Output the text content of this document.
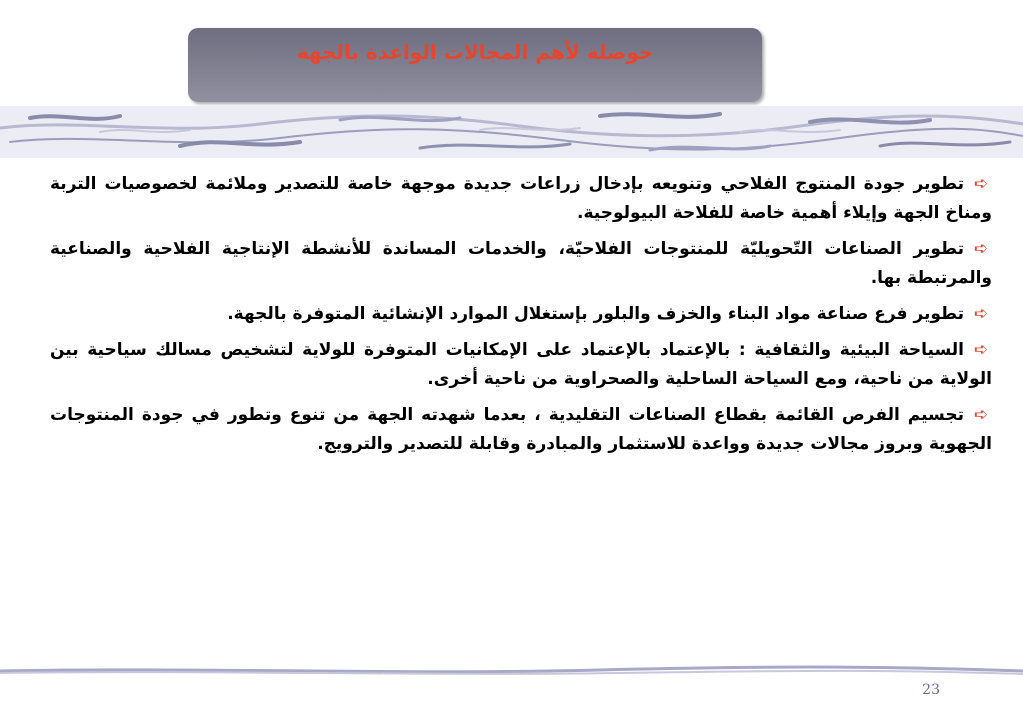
حوصلة لأهم المجالات الواعدة بالجهة

➪تطوير جودة المنتوج الفلاحي وتنويعه بإدخال زراعات جديدة موجهة خاصة للتصدير وملائمة لخصوصيات التربة ومناخ الجهة وإيلاء أهمية خاصة للفلاحة البيولوجية.

➪تطوير الصناعات التّحويليّة للمنتوجات الفلاحيّة، والخدمات المساندة للأنشطة الإنتاجية الفلاحية والصناعية والمرتبطة بها.

➪تطوير فرع صناعة مواد البناء والخزف والبلور بإستغلال الموارد الإنشائية المتوفرة بالجهة.

➪السياحة البيئية والثقافية : بالإعتماد بالإعتماد على الإمكانيات المتوفرة للولاية لتشخيص مسالك سياحية بين الولاية من ناحية، ومع السياحة الساحلية والصحراوية من ناحية أخرى.

➪تجسيم الفرص القائمة بقطاع الصناعات التقليدية ، بعدما شهدته الجهة من تنوع وتطور في جودة المنتوجات الجهوية وبروز مجالات جديدة وواعدة للاستثمار والمبادرة وقابلة للتصدير والترويج.

23
